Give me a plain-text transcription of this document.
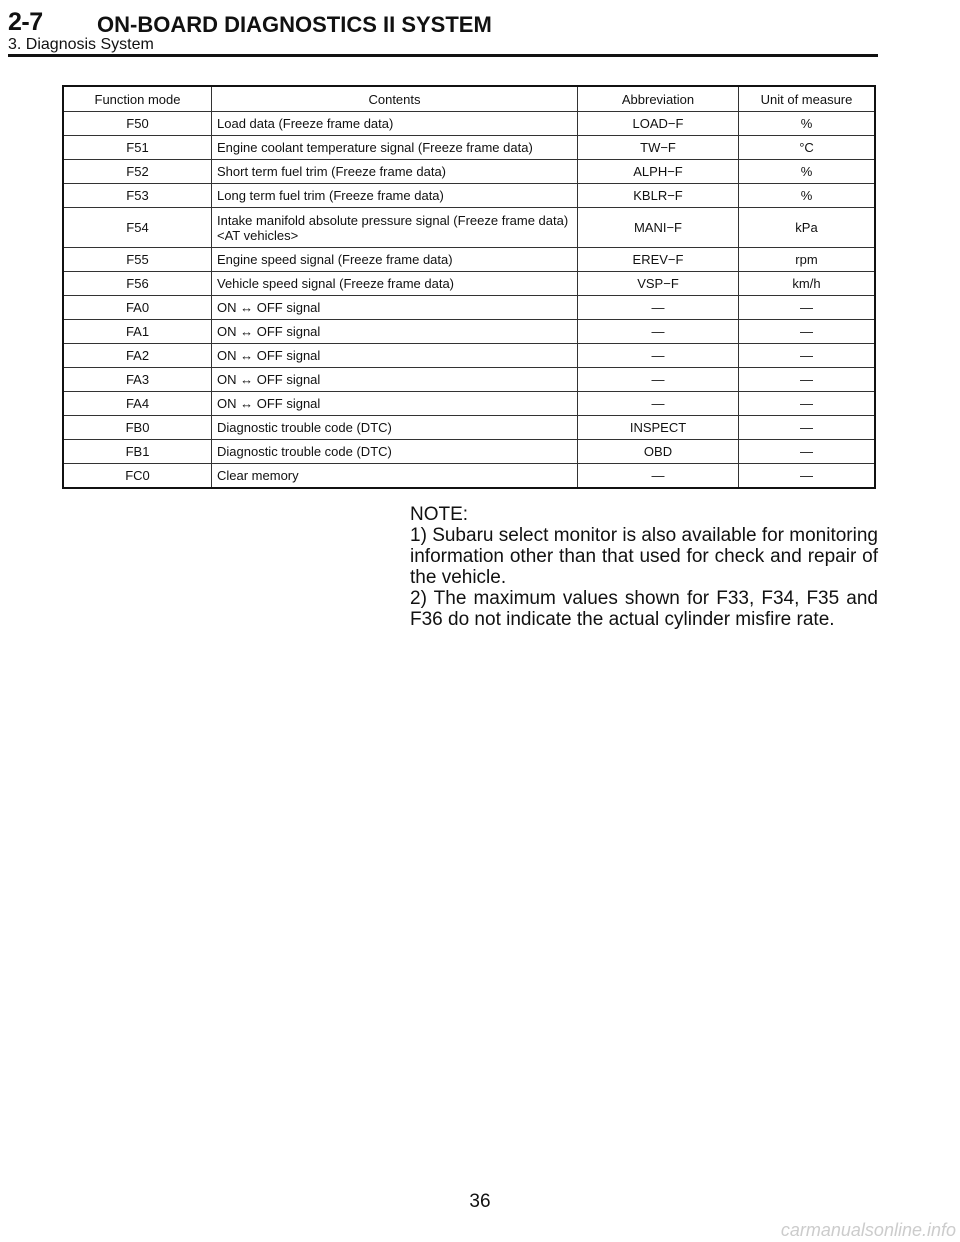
2-7 ON-BOARD DIAGNOSTICS II SYSTEM
3. Diagnosis System
Function mode	Contents	Abbreviation	Unit of measure
F50	Load data (Freeze frame data)	LOAD−F	%
F51	Engine coolant temperature signal (Freeze frame data)	TW−F	°C
F52	Short term fuel trim (Freeze frame data)	ALPH−F	%
F53	Long term fuel trim (Freeze frame data)	KBLR−F	%
F54	Intake manifold absolute pressure signal (Freeze frame data) <AT vehicles>	MANI−F	kPa
F55	Engine speed signal (Freeze frame data)	EREV−F	rpm
F56	Vehicle speed signal (Freeze frame data)	VSP−F	km/h
FA0	ON ↔ OFF signal	—	—
FA1	ON ↔ OFF signal	—	—
FA2	ON ↔ OFF signal	—	—
FA3	ON ↔ OFF signal	—	—
FA4	ON ↔ OFF signal	—	—
FB0	Diagnostic trouble code (DTC)	INSPECT	—
FB1	Diagnostic trouble code (DTC)	OBD	—
FC0	Clear memory	—	—

NOTE:

1) Subaru select monitor is also available for monitoring information other than that used for check and repair of the vehicle.

2) The maximum values shown for F33, F34, F35 and F36 do not indicate the actual cylinder misfire rate.

36
carmanualsonline.info
